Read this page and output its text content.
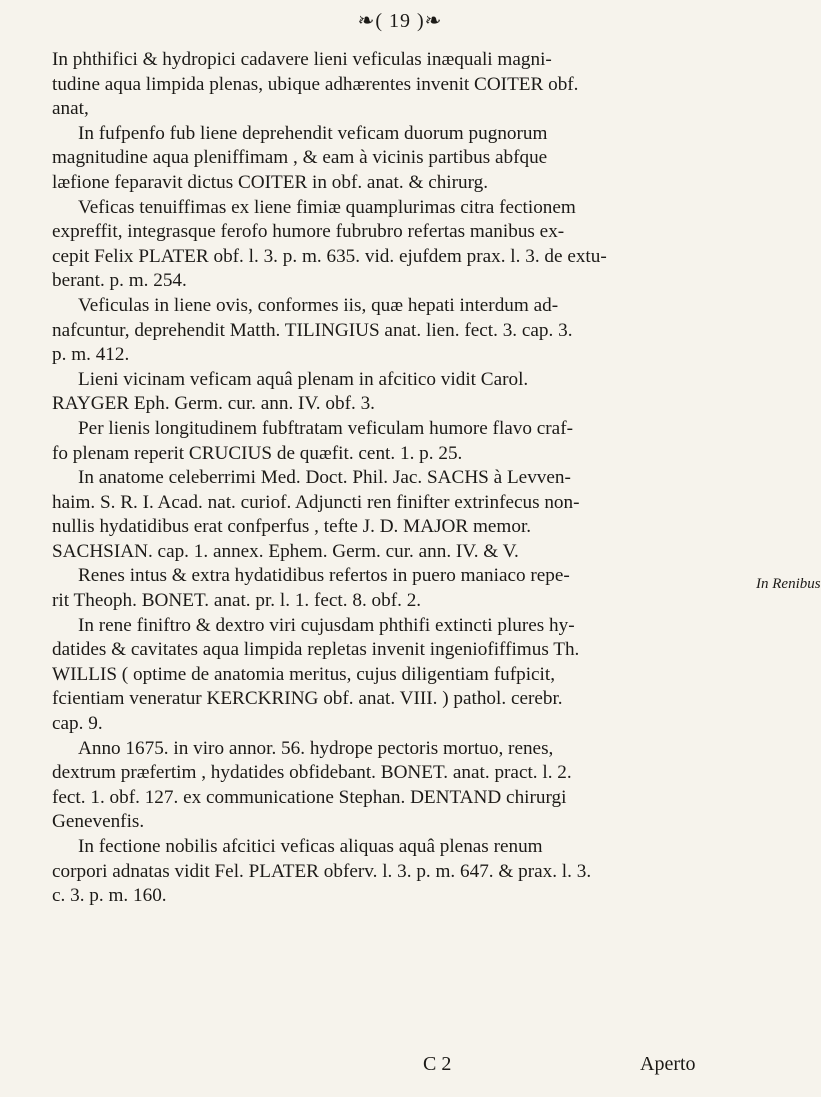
❧( 19 )❧
In phthifici & hydropici cadavere lieni veficulas inæquali magni-
tudine aqua limpida plenas, ubique adhærentes invenit COITER obf.
anat,
In fufpenfo fub liene deprehendit veficam duorum pugnorum
magnitudine aqua pleniffimam , & eam à vicinis partibus abfque
læfione feparavit dictus COITER in obf. anat. & chirurg.
Veficas tenuiffimas ex liene fimiæ quamplurimas citra fectionem
expreffit, integrasque ferofo humore fubrubro refertas manibus ex-
cepit Felix PLATER obf. l. 3. p. m. 635. vid. ejufdem prax. l. 3. de extu-
berant. p. m. 254.
Veficulas in liene ovis, conformes iis, quæ hepati interdum ad-
nafcuntur, deprehendit Matth. TILINGIUS anat. lien. fect. 3. cap. 3.
p. m. 412.
Lieni vicinam veficam aquâ plenam in afcitico vidit Carol.
RAYGER Eph. Germ. cur. ann. IV. obf. 3.
Per lienis longitudinem fubftratam veficulam humore flavo craf-
fo plenam reperit CRUCIUS de quæfit. cent. 1. p. 25.
In anatome celeberrimi Med. Doct. Phil. Jac. SACHS à Levven-
haim. S. R. I. Acad. nat. curiof. Adjuncti ren finifter extrinfecus non-
nullis hydatidibus erat confperfus , tefte J. D. MAJOR memor.
SACHSIAN. cap. 1. annex. Ephem. Germ. cur. ann. IV. & V.
Renes intus & extra hydatidibus refertos in puero maniaco repe-
rit Theoph. BONET. anat. pr. l. 1. fect. 8. obf. 2.
In rene finiftro & dextro viri cujusdam phthifi extincti plures hy-
datides & cavitates aqua limpida repletas invenit ingeniofiffimus Th.
WILLIS ( optime de anatomia meritus, cujus diligentiam fufpicit,
fcientiam veneratur KERCKRING obf. anat. VIII. ) pathol. cerebr.
cap. 9.
Anno 1675. in viro annor. 56. hydrope pectoris mortuo, renes,
dextrum præfertim , hydatides obfidebant. BONET. anat. pract. l. 2.
fect. 1. obf. 127. ex communicatione Stephan. DENTAND chirurgi
Genevenfis.
In fectione nobilis afcitici veficas aliquas aquâ plenas renum
corpori adnatas vidit Fel. PLATER obferv. l. 3. p. m. 647. & prax. l. 3.
c. 3. p. m. 160.
In Renibus
C 2	Aperto
